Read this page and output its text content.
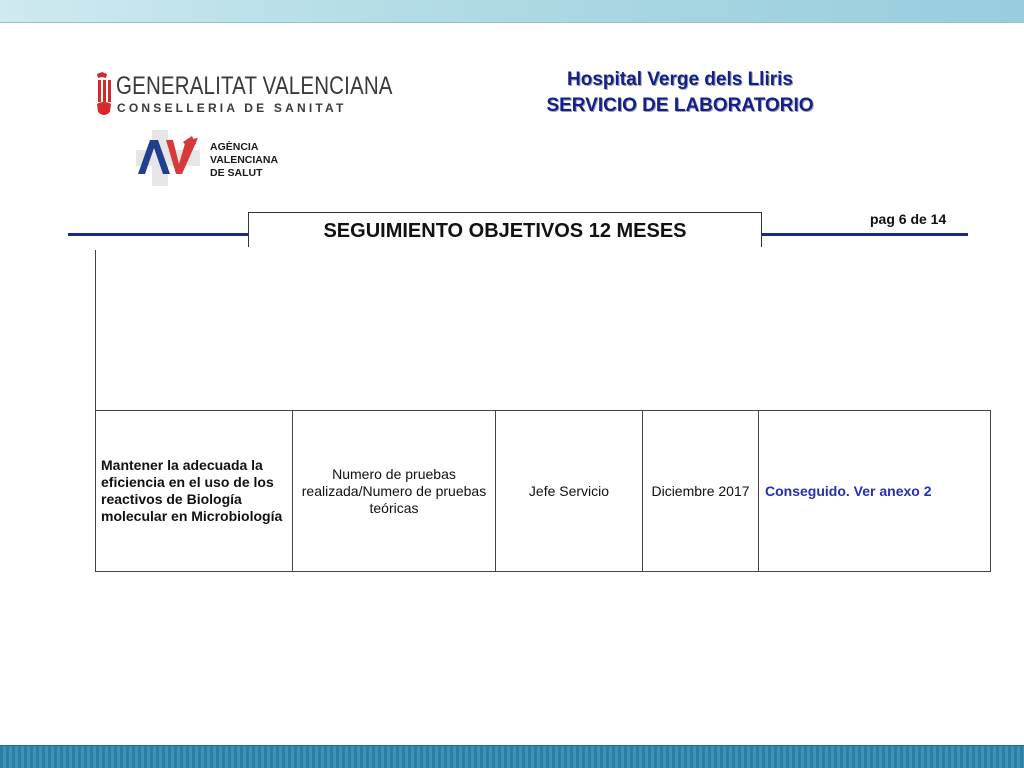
GENERALITAT VALENCIANA
CONSELLERIA DE SANITAT
AGÈNCIA
VALENCIANA
DE SALUT
Hospital Verge dels Lliris
SERVICIO DE LABORATORIO
SEGUIMIENTO OBJETIVOS 12 MESES
pag 6 de 14
Mantener la adecuada la eficiencia en el uso de los reactivos de Biología molecular en Microbiología
Numero de pruebas realizada/Numero de pruebas teóricas
Jefe Servicio	Diciembre 2017 Conseguido. Ver anexo 2
